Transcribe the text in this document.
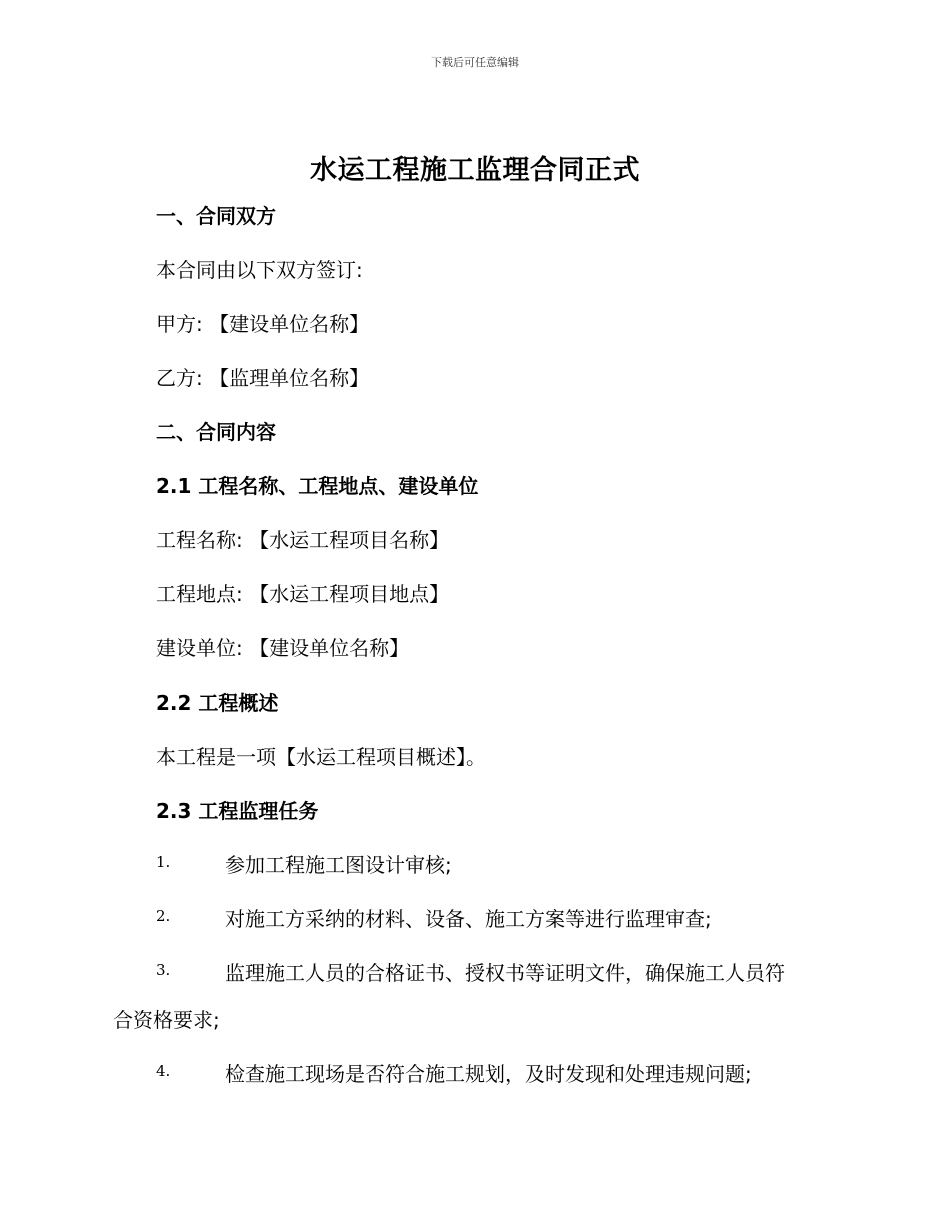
下载后可任意编辑
水运工程施工监理合同正式
一、合同双方
本合同由以下双方签订:
甲方: 【建设单位名称】
乙方: 【监理单位名称】
二、合同内容
2.1 工程名称、工程地点、建设单位
工程名称: 【水运工程项目名称】
工程地点: 【水运工程项目地点】
建设单位: 【建设单位名称】
2.2 工程概述
本工程是一项【水运工程项目概述】。
2.3 工程监理任务
1.	参加工程施工图设计审核;
2.	对施工方采纳的材料、设备、施工方案等进行监理审查;
3.	监理施工人员的合格证书、授权书等证明文件，确保施工人员符
合资格要求;
4.	检查施工现场是否符合施工规划，及时发现和处理违规问题;
